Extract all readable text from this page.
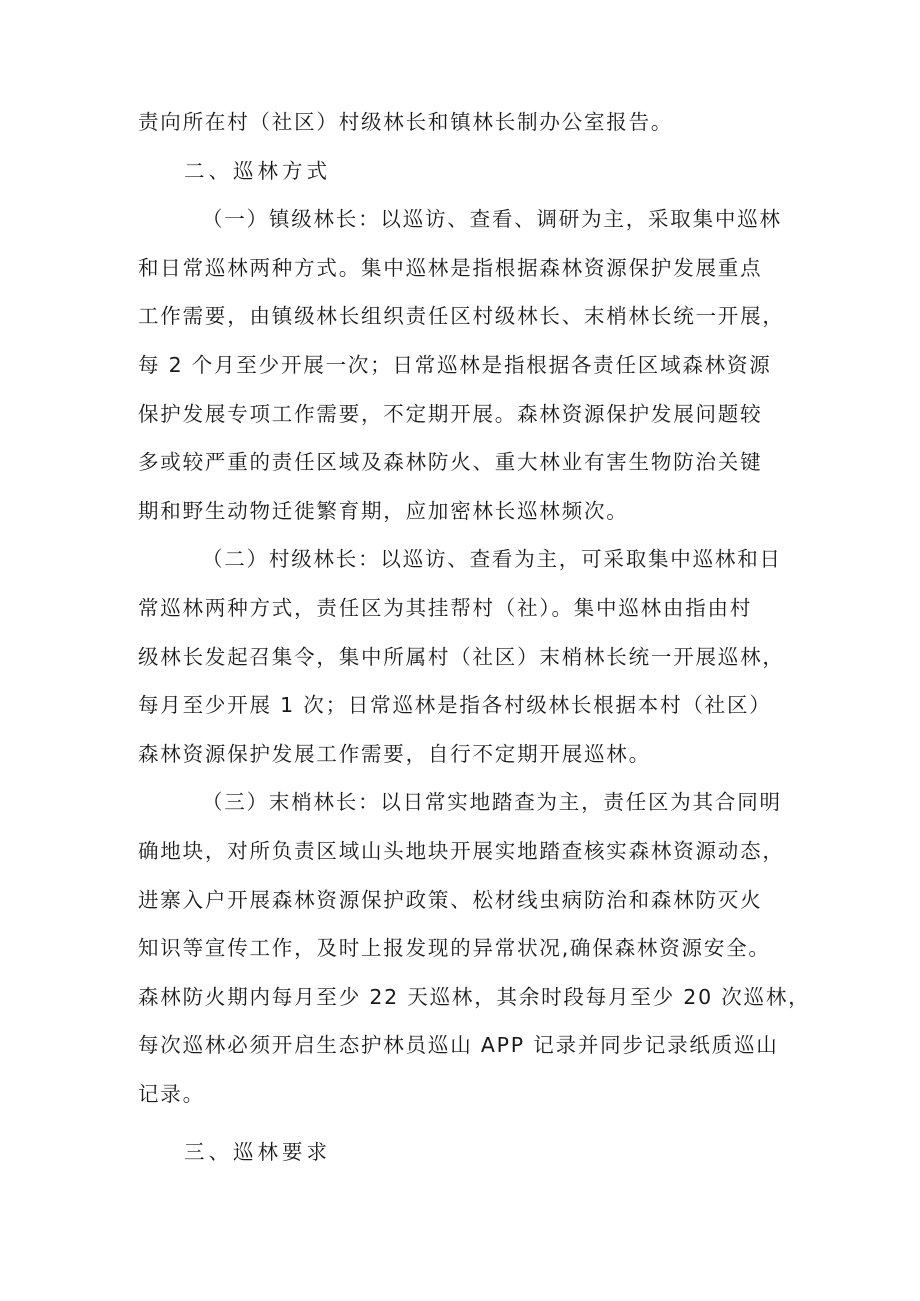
责向所在村（社区）村级林长和镇林长制办公室报告。
二、巡林方式
（一）镇级林长：以巡访、查看、调研为主，采取集中巡林
和日常巡林两种方式。集中巡林是指根据森林资源保护发展重点
工作需要，由镇级林长组织责任区村级林长、末梢林长统一开展，
每 2 个月至少开展一次；日常巡林是指根据各责任区域森林资源
保护发展专项工作需要，不定期开展。森林资源保护发展问题较
多或较严重的责任区域及森林防火、重大林业有害生物防治关键
期和野生动物迁徙繁育期，应加密林长巡林频次。
（二）村级林长：以巡访、查看为主，可采取集中巡林和日
常巡林两种方式，责任区为其挂帮村（社）。集中巡林由指由村
级林长发起召集令，集中所属村（社区）末梢林长统一开展巡林，
每月至少开展 1 次；日常巡林是指各村级林长根据本村（社区）
森林资源保护发展工作需要，自行不定期开展巡林。
（三）末梢林长：以日常实地踏查为主，责任区为其合同明
确地块，对所负责区域山头地块开展实地踏查核实森林资源动态，
进寨入户开展森林资源保护政策、松材线虫病防治和森林防灭火
知识等宣传工作，及时上报发现的异常状况,确保森林资源安全。
森林防火期内每月至少 22 天巡林，其余时段每月至少 20 次巡林，
每次巡林必须开启生态护林员巡山 APP 记录并同步记录纸质巡山
记录。
三、巡林要求
